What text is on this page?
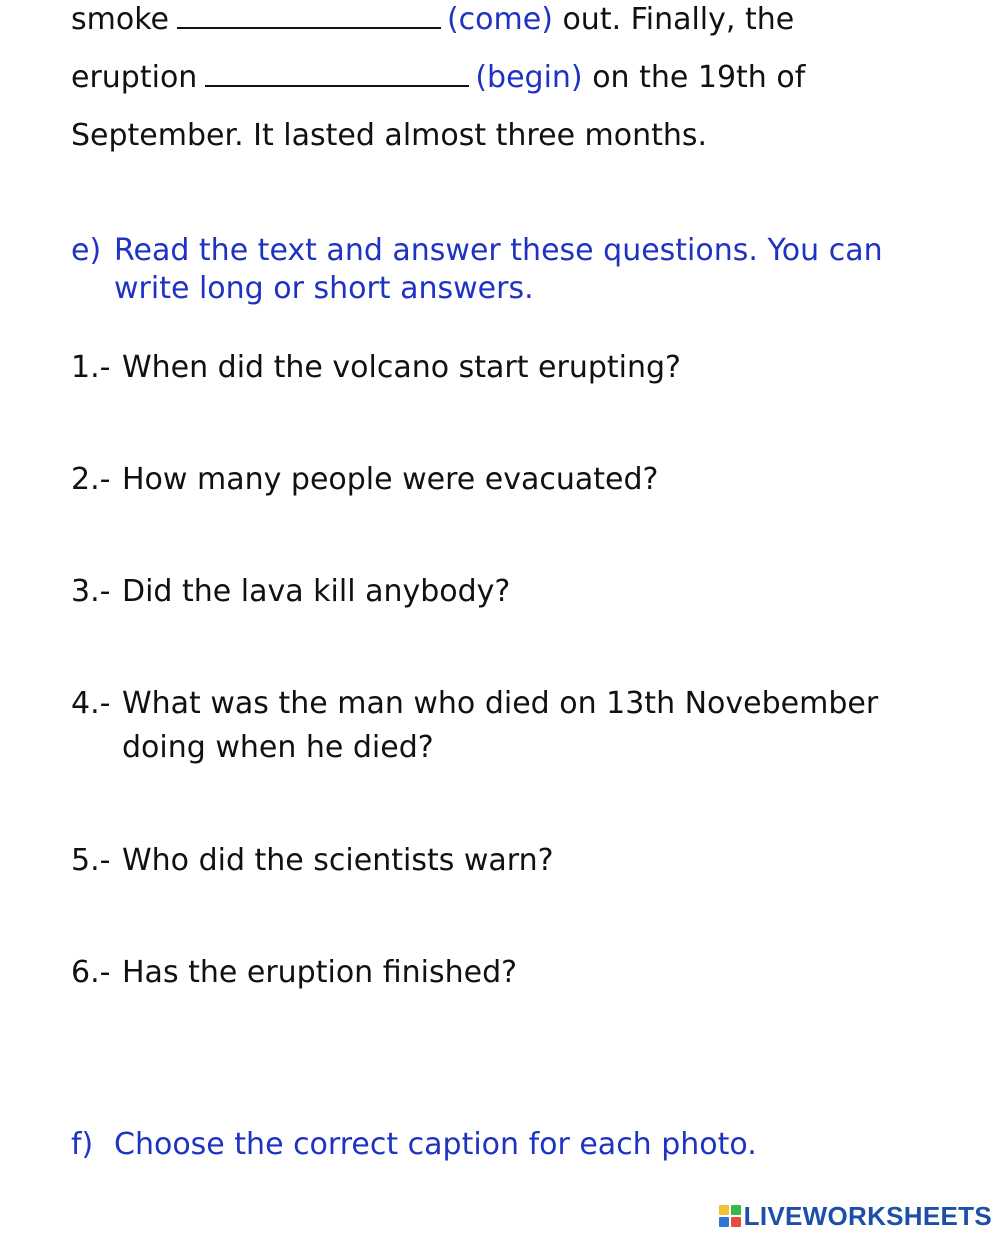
smoke	(come) out. Finally, the
eruption	(begin) on the 19th of
September. It lasted almost three months.
e) Read the text and answer these questions. You can write long or short answers.
1.- When did the volcano start erupting?
2.- How many people were evacuated?
3.- Did the lava kill anybody?
4.- What was the man who died on 13th Novebember doing when he died?
5.- Who did the scientists warn?
6.- Has the eruption finished?
f) Choose the correct caption for each photo.
LIVEWORKSHEETS
